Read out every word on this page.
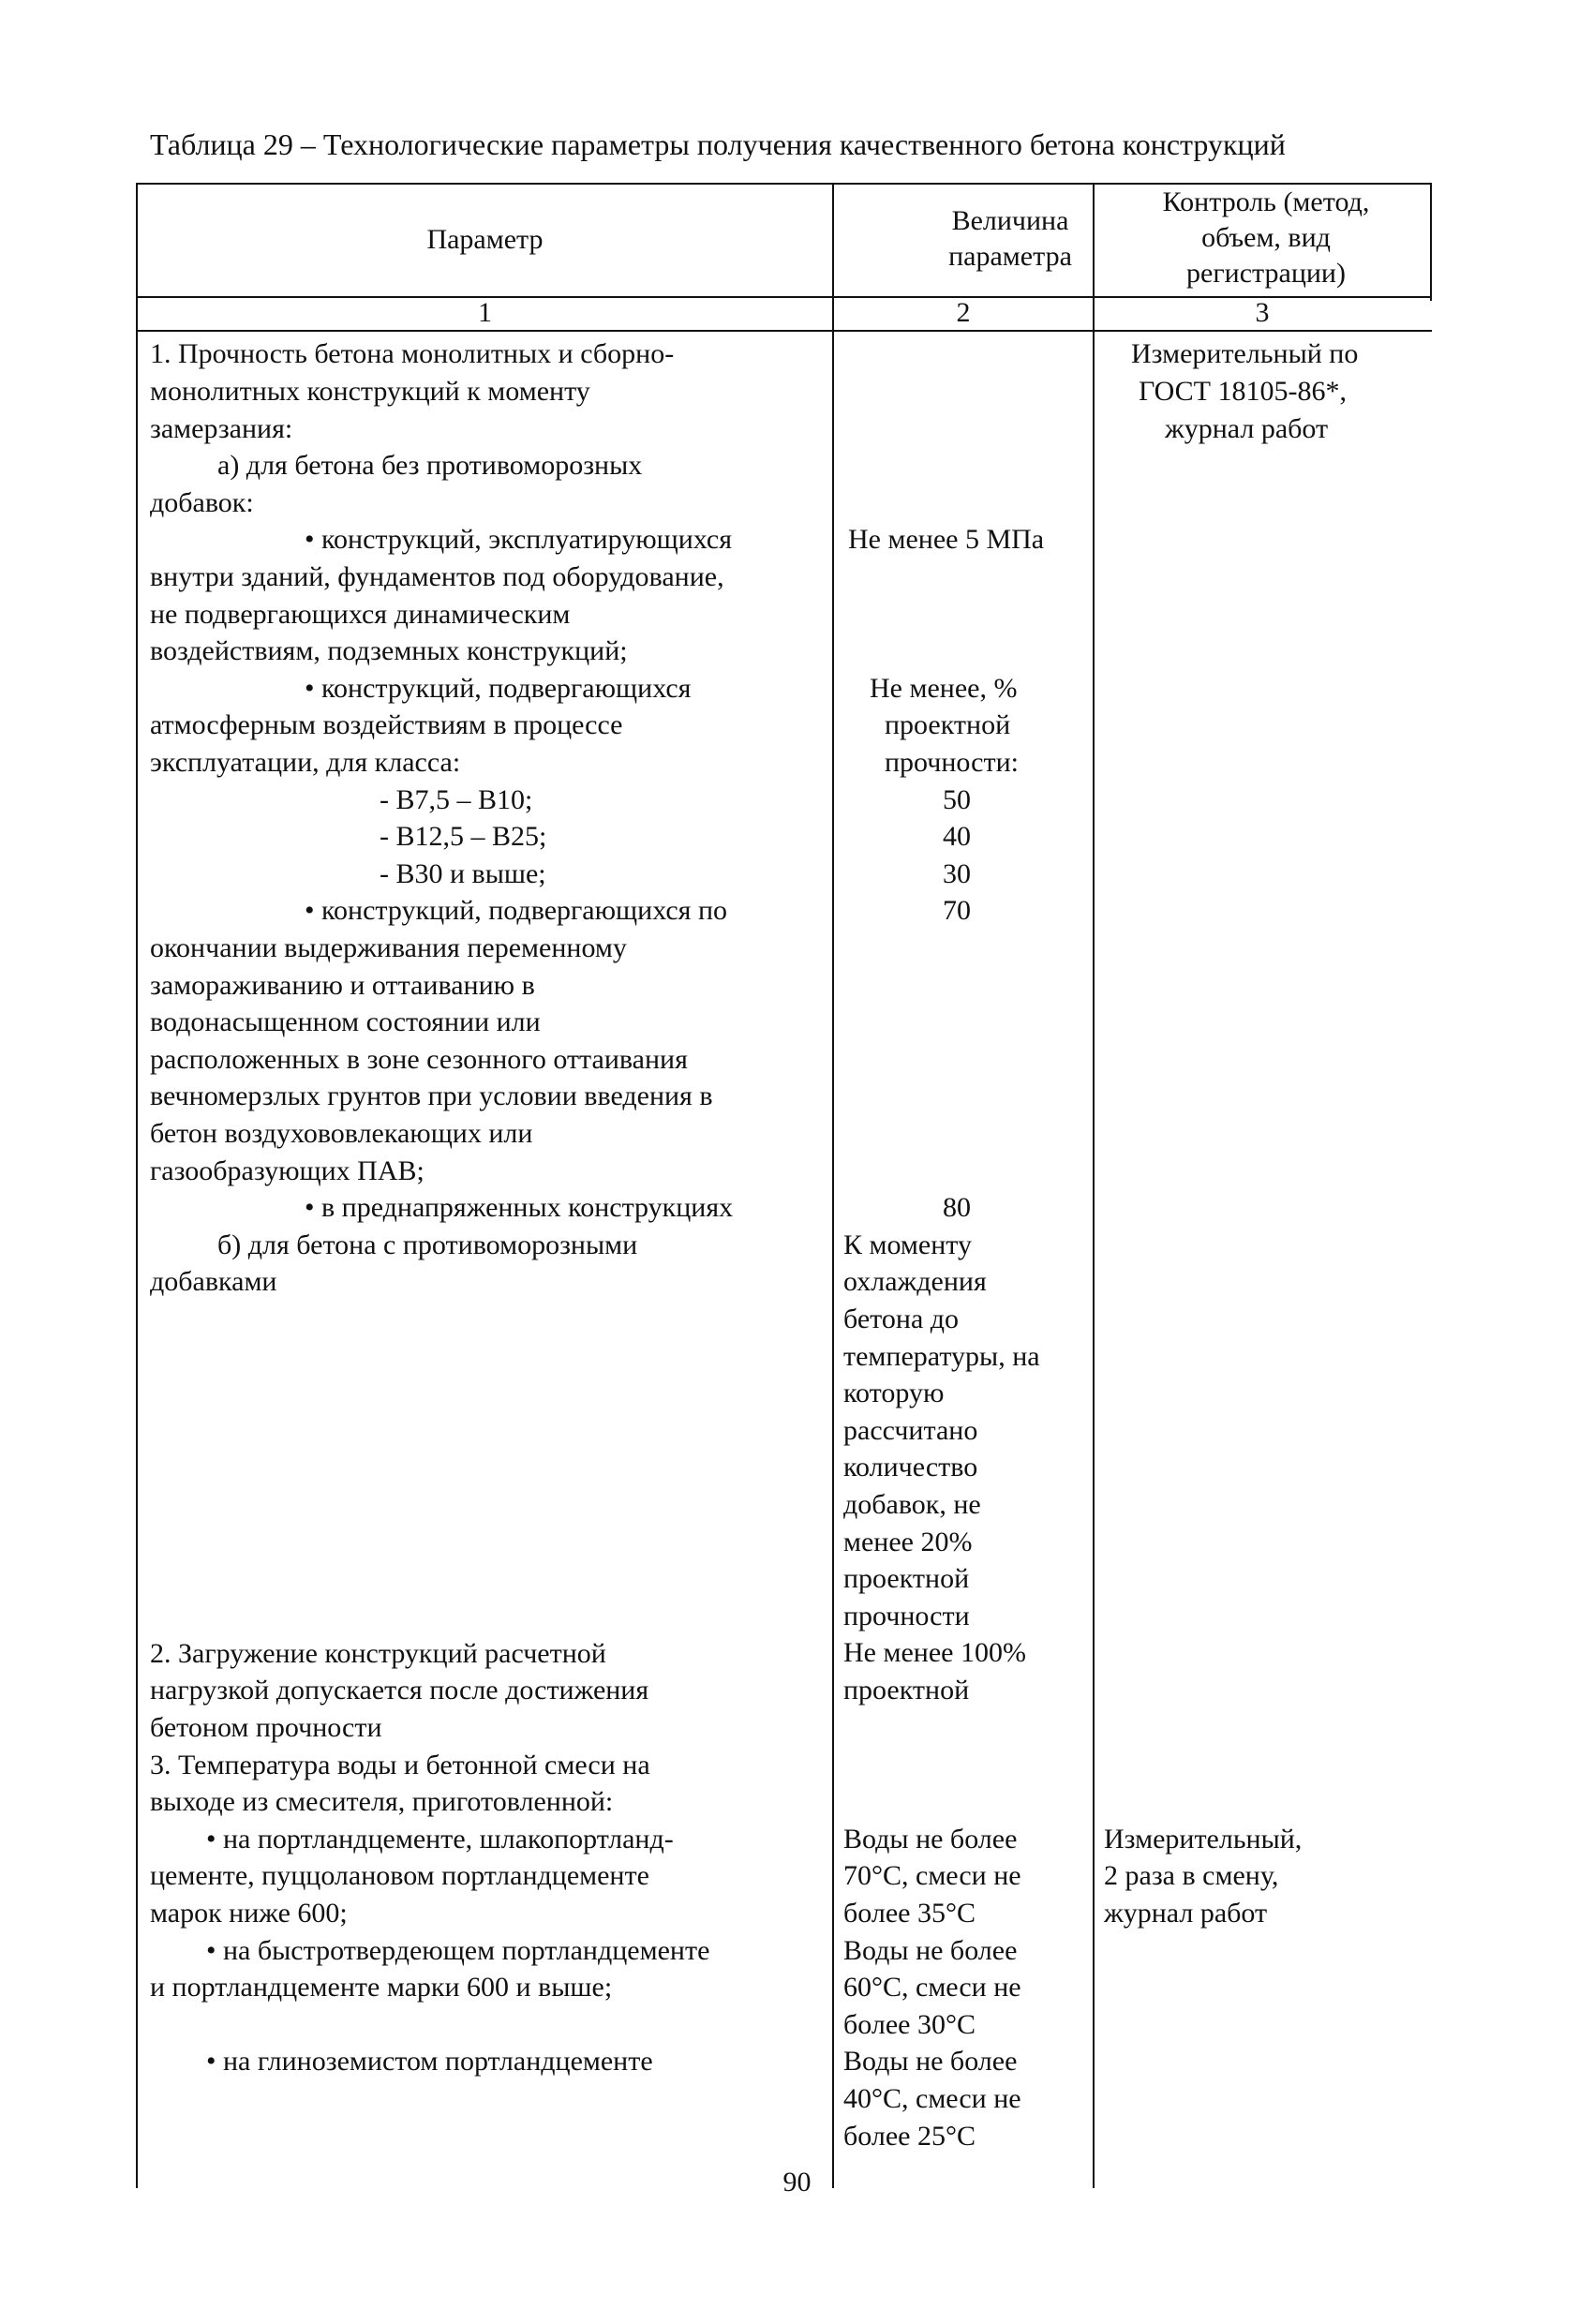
Таблица 29 – Технологические параметры получения качественного бетона конструкций
Параметр
Величина параметра
Контроль (метод, объем, вид регистрации)
1	2	3
1. Прочность бетона монолитных и сборно-
монолитных конструкций к моменту
замерзания:
а) для бетона без противоморозных
добавок:
• конструкций, эксплуатирующихся
внутри зданий, фундаментов под оборудование,
не подвергающихся динамическим
воздействиям, подземных конструкций;
• конструкций, подвергающихся
атмосферным воздействиям в процессе
эксплуатации, для класса:
- В7,5 – В10;
- В12,5 – В25;
- В30 и выше;
• конструкций, подвергающихся по
окончании выдерживания переменному
замораживанию и оттаиванию в
водонасыщенном состоянии или
расположенных в зоне сезонного оттаивания
вечномерзлых грунтов при условии введения в
бетон воздухововлекающих или
газообразующих ПАВ;
• в преднапряженных конструкциях
б) для бетона с противоморозными
добавками
2. Загружение конструкций расчетной
нагрузкой допускается после достижения
бетоном прочности
3. Температура воды и бетонной смеси на
выходе из смесителя, приготовленной:
• на портландцементе, шлакопортланд-
цементе, пуццолановом портландцементе
марок ниже 600;
• на быстротвердеющем портландцементе
и портландцементе марки 600 и выше;
• на глиноземистом портландцементе
Не менее 5 МПа
Не менее, %
проектной
прочности:
50
40
30
70
80
К моменту
охлаждения
бетона до
температуры, на
которую
рассчитано
количество
добавок, не
менее 20%
проектной
прочности
Не менее 100%
проектной
Воды не более
70°С, смеси не
более 35°С
Воды не более
60°С, смеси не
более 30°С
Воды не более
40°С, смеси не
более 25°С
Измерительный по
ГОСТ 18105-86*,
журнал работ
Измерительный,
2 раза в смену,
журнал работ
90
